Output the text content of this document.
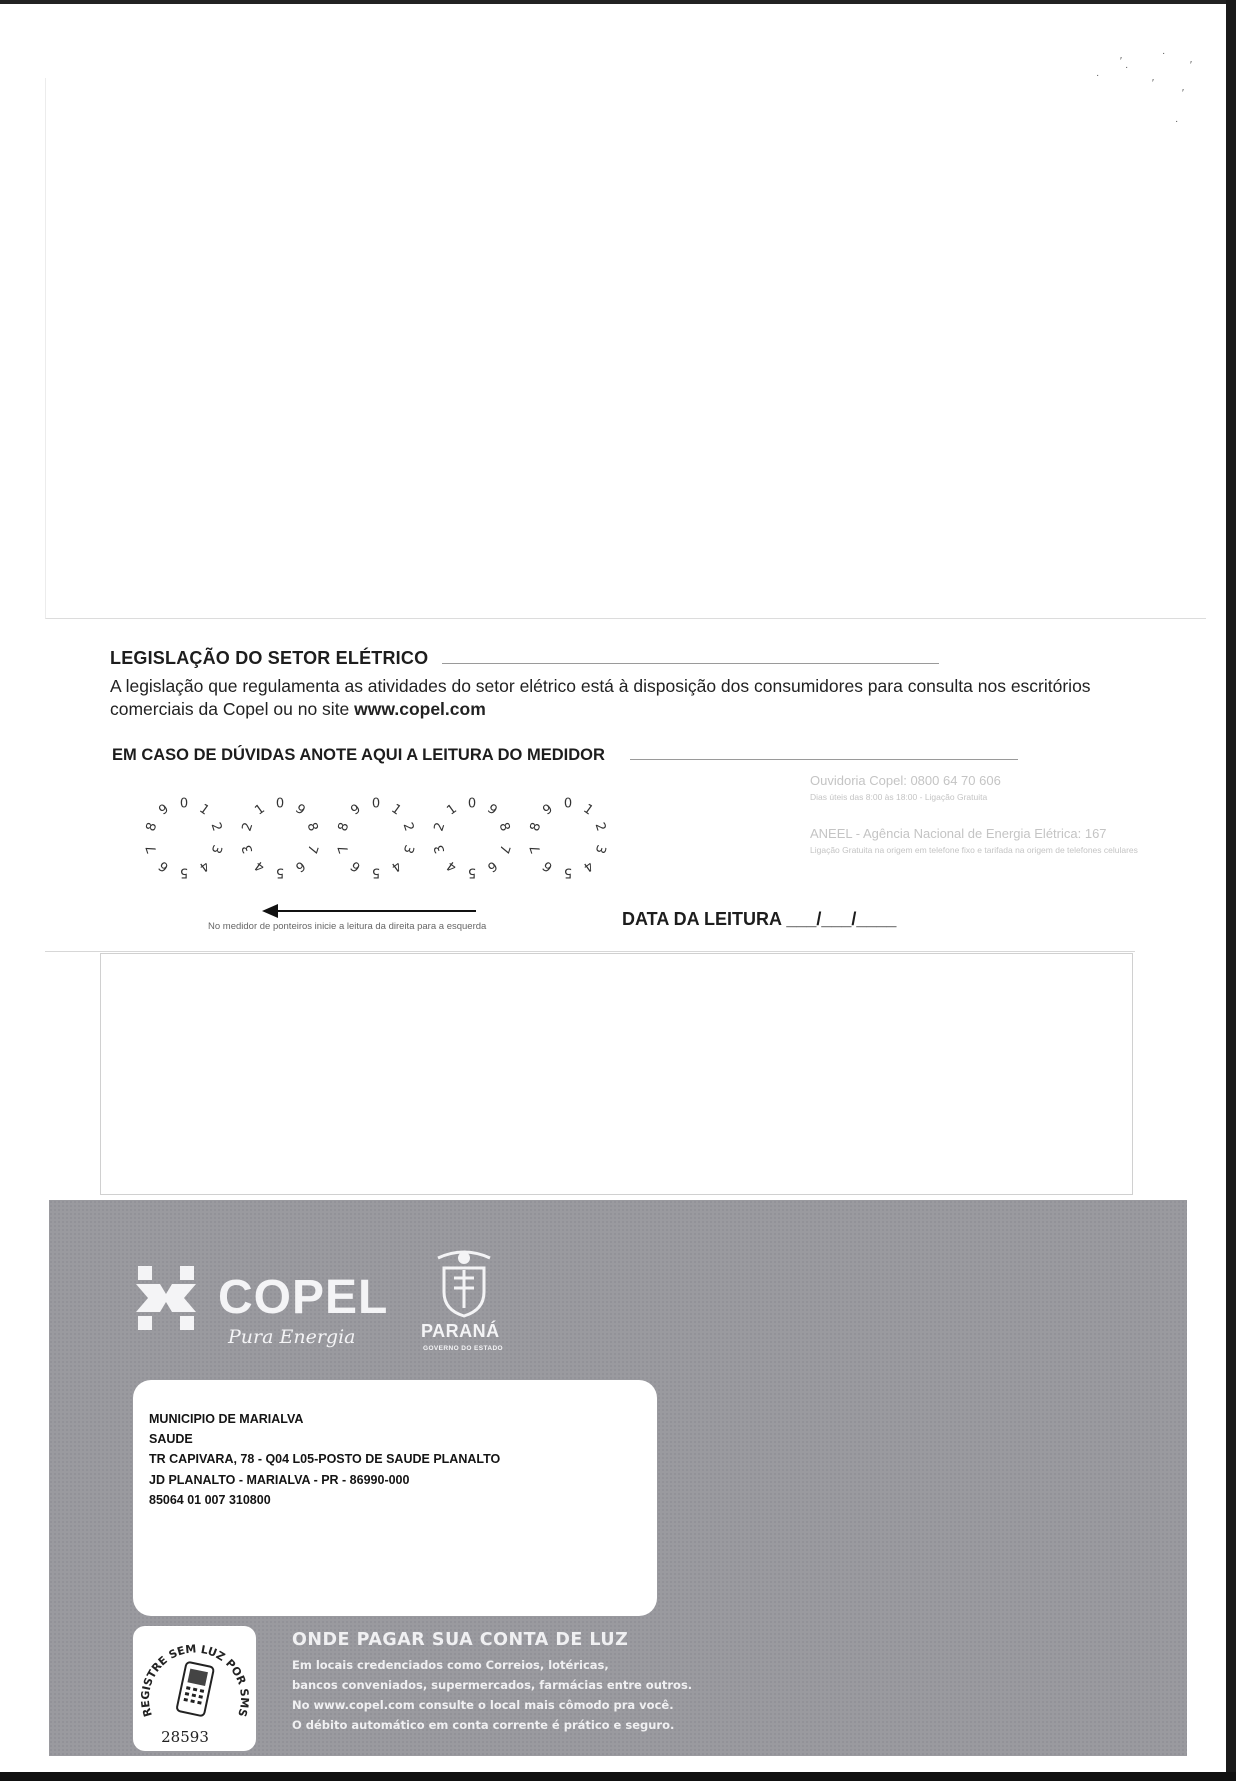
′
·
·
·
′
′
′
·
LEGISLAÇÃO DO SETOR ELÉTRICO
A legislação que regulamenta as atividades do setor elétrico está à disposição dos consumidores para consulta nos escritórios comerciais da Copel ou no site www.copel.com
EM CASO DE DÚVIDAS ANOTE AQUI A LEITURA DO MEDIDOR
0 1
2
3
4
5
6
7
8
9	0
1
2
3
4 5 6
7
8
9	0 1
2
3
4
5
6
7
8
9	0
1
2
3
4 5 6
7
8
9	0 1
2
3
4
5
6
7
8
9
No medidor de ponteiros inicie a leitura da direita para a esquerda	DATA DA LEITURA ___/___/____
Ouvidoria Copel: 0800 64 70 606
Dias úteis das 8:00 às 18:00 - Ligação Gratuita
ANEEL - Agência Nacional de Energia Elétrica: 167
Ligação Gratuita na origem em telefone fixo e tarifada na origem de telefones celulares
COPEL
Pura Energia	PARANÁ
GOVERNO DO ESTADO
MUNICIPIO DE MARIALVA
SAUDE
TR CAPIVARA, 78 - Q04 L05-POSTO DE SAUDE PLANALTO
JD PLANALTO - MARIALVA - PR - 86990-000
85064 01 007 310800
REGISTRE SEM LUZ POR SMS
28593
ONDE PAGAR SUA CONTA DE LUZ
Em locais credenciados como Correios, lotéricas,
bancos conveniados, supermercados, farmácias entre outros.
No www.copel.com consulte o local mais cômodo pra você.
O débito automático em conta corrente é prático e seguro.
